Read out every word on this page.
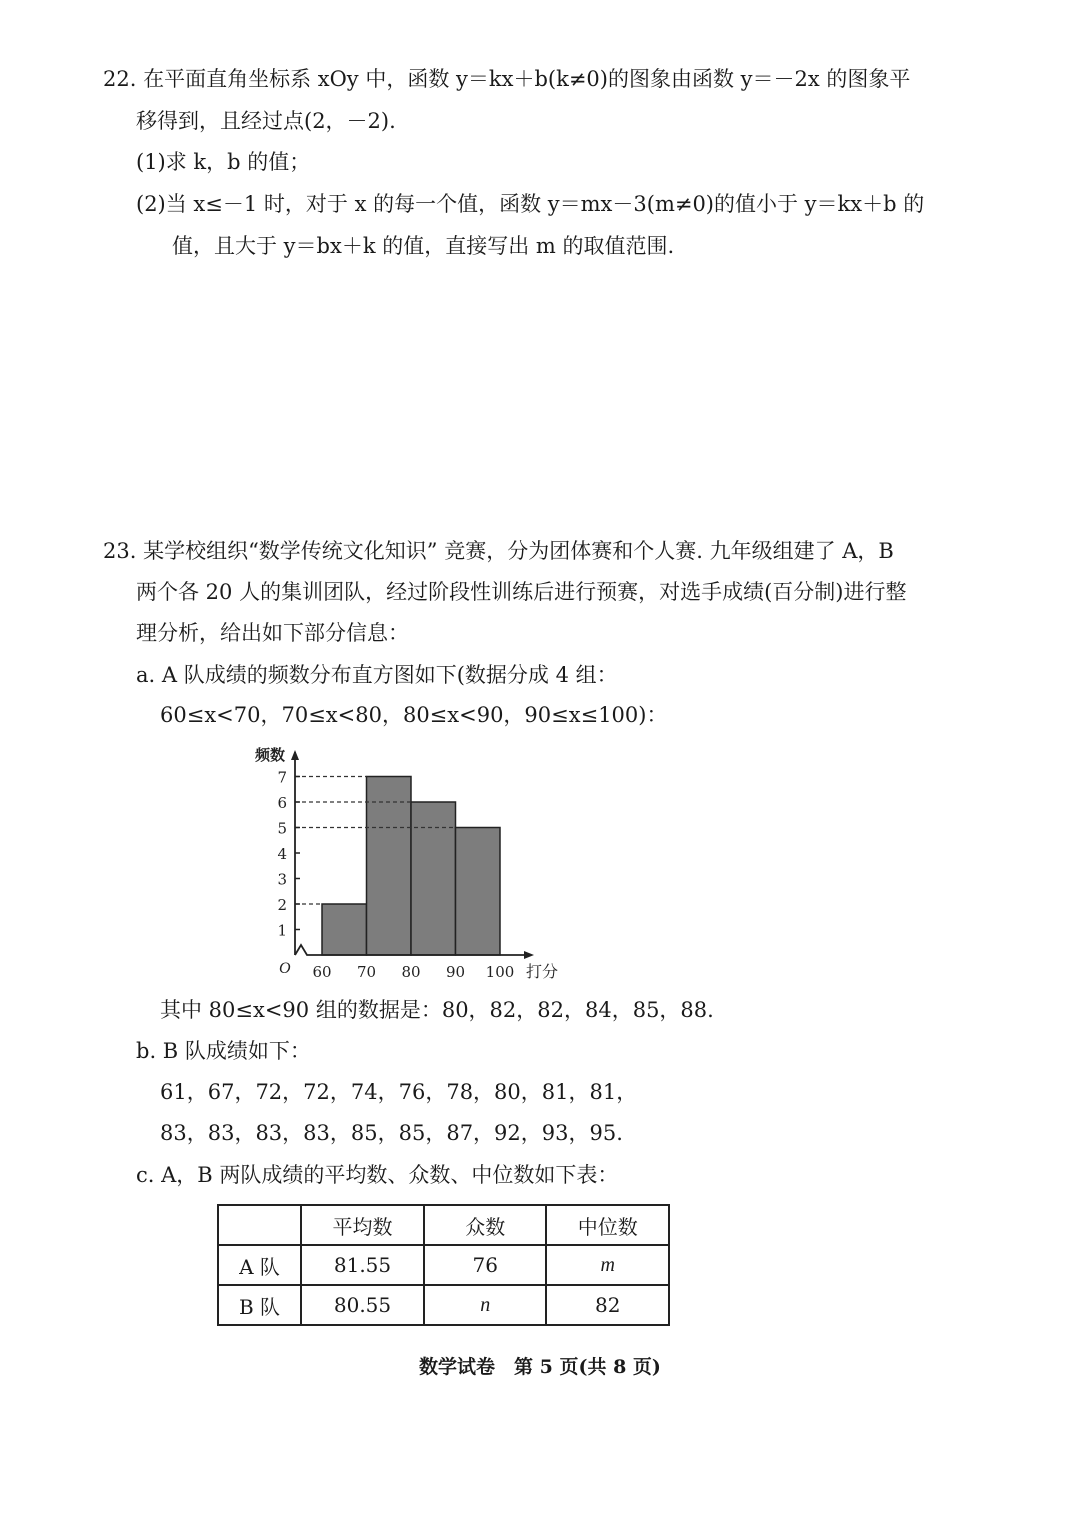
22. 在平面直角坐标系 xOy 中，函数 y＝kx＋b(k≠0)的图象由函数 y＝－2x 的图象平
移得到，且经过点(2，－2).
(1)求 k，b 的值；
(2)当 x≤－1 时，对于 x 的每一个值，函数 y＝mx－3(m≠0)的值小于 y＝kx＋b 的
值，且大于 y＝bx＋k 的值，直接写出 m 的取值范围.
23. 某学校组织“数学传统文化知识” 竞赛，分为团体赛和个人赛. 九年级组建了 A，B
两个各 20 人的集训团队，经过阶段性训练后进行预赛，对选手成绩(百分制)进行整
理分析，给出如下部分信息：
a. A 队成绩的频数分布直方图如下(数据分成 4 组：
60≤x<70，70≤x<80，80≤x<90，90≤x≤100)：
1
2
3
4
5
6
7
60 70 80 90 100
频数
打分
O
其中 80≤x<90 组的数据是：80，82，82，84，85，88.
b. B 队成绩如下：
61，67，72，72，74，76，78，80，81，81，
83，83，83，83，85，85，87，92，93，95.
c. A，B 两队成绩的平均数、众数、中位数如下表：
	平均数	众数	中位数
A 队	81.55	76	m
B 队	80.55	n	82
数学试卷　第 5 页(共 8 页)
